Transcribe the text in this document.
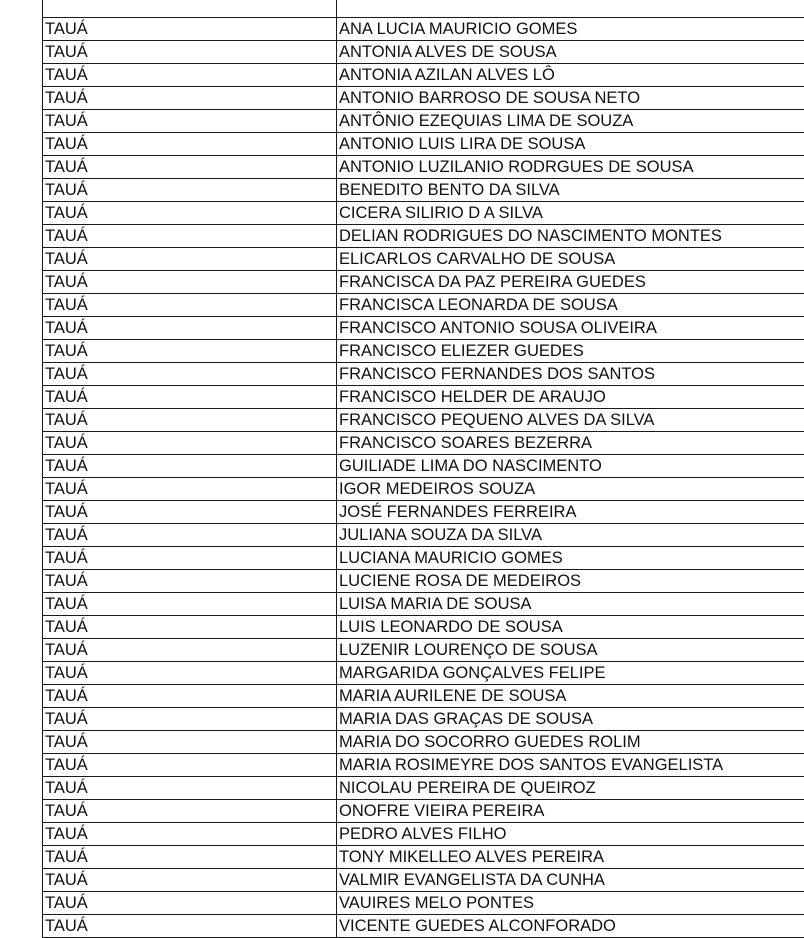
TAUÁ	ANA LUCIA MAURICIO GOMES
TAUÁ	ANTONIA ALVES DE SOUSA
TAUÁ	ANTONIA AZILAN ALVES LÔ
TAUÁ	ANTONIO BARROSO DE SOUSA NETO
TAUÁ	ANTÔNIO EZEQUIAS LIMA DE SOUZA
TAUÁ	ANTONIO LUIS LIRA DE SOUSA
TAUÁ	ANTONIO LUZILANIO RODRGUES DE SOUSA
TAUÁ	BENEDITO BENTO DA SILVA
TAUÁ	CICERA SILIRIO D A SILVA
TAUÁ	DELIAN RODRIGUES DO NASCIMENTO MONTES
TAUÁ	ELICARLOS CARVALHO DE SOUSA
TAUÁ	FRANCISCA DA PAZ PEREIRA GUEDES
TAUÁ	FRANCISCA LEONARDA DE SOUSA
TAUÁ	FRANCISCO ANTONIO SOUSA OLIVEIRA
TAUÁ	FRANCISCO ELIEZER GUEDES
TAUÁ	FRANCISCO FERNANDES DOS SANTOS
TAUÁ	FRANCISCO HELDER DE ARAUJO
TAUÁ	FRANCISCO PEQUENO ALVES DA SILVA
TAUÁ	FRANCISCO SOARES BEZERRA
TAUÁ	GUILIADE LIMA DO NASCIMENTO
TAUÁ	IGOR MEDEIROS SOUZA
TAUÁ	JOSÉ FERNANDES FERREIRA
TAUÁ	JULIANA SOUZA DA SILVA
TAUÁ	LUCIANA MAURICIO GOMES
TAUÁ	LUCIENE ROSA DE MEDEIROS
TAUÁ	LUISA MARIA DE SOUSA
TAUÁ	LUIS LEONARDO DE SOUSA
TAUÁ	LUZENIR LOURENÇO DE SOUSA
TAUÁ	MARGARIDA GONÇALVES FELIPE
TAUÁ	MARIA AURILENE DE SOUSA
TAUÁ	MARIA DAS GRAÇAS DE SOUSA
TAUÁ	MARIA DO SOCORRO GUEDES ROLIM
TAUÁ	MARIA ROSIMEYRE DOS SANTOS EVANGELISTA
TAUÁ	NICOLAU PEREIRA DE QUEIROZ
TAUÁ	ONOFRE VIEIRA PEREIRA
TAUÁ	PEDRO ALVES FILHO
TAUÁ	TONY MIKELLEO ALVES PEREIRA
TAUÁ	VALMIR EVANGELISTA DA CUNHA
TAUÁ	VAUIRES MELO PONTES
TAUÁ	VICENTE GUEDES ALCONFORADO
